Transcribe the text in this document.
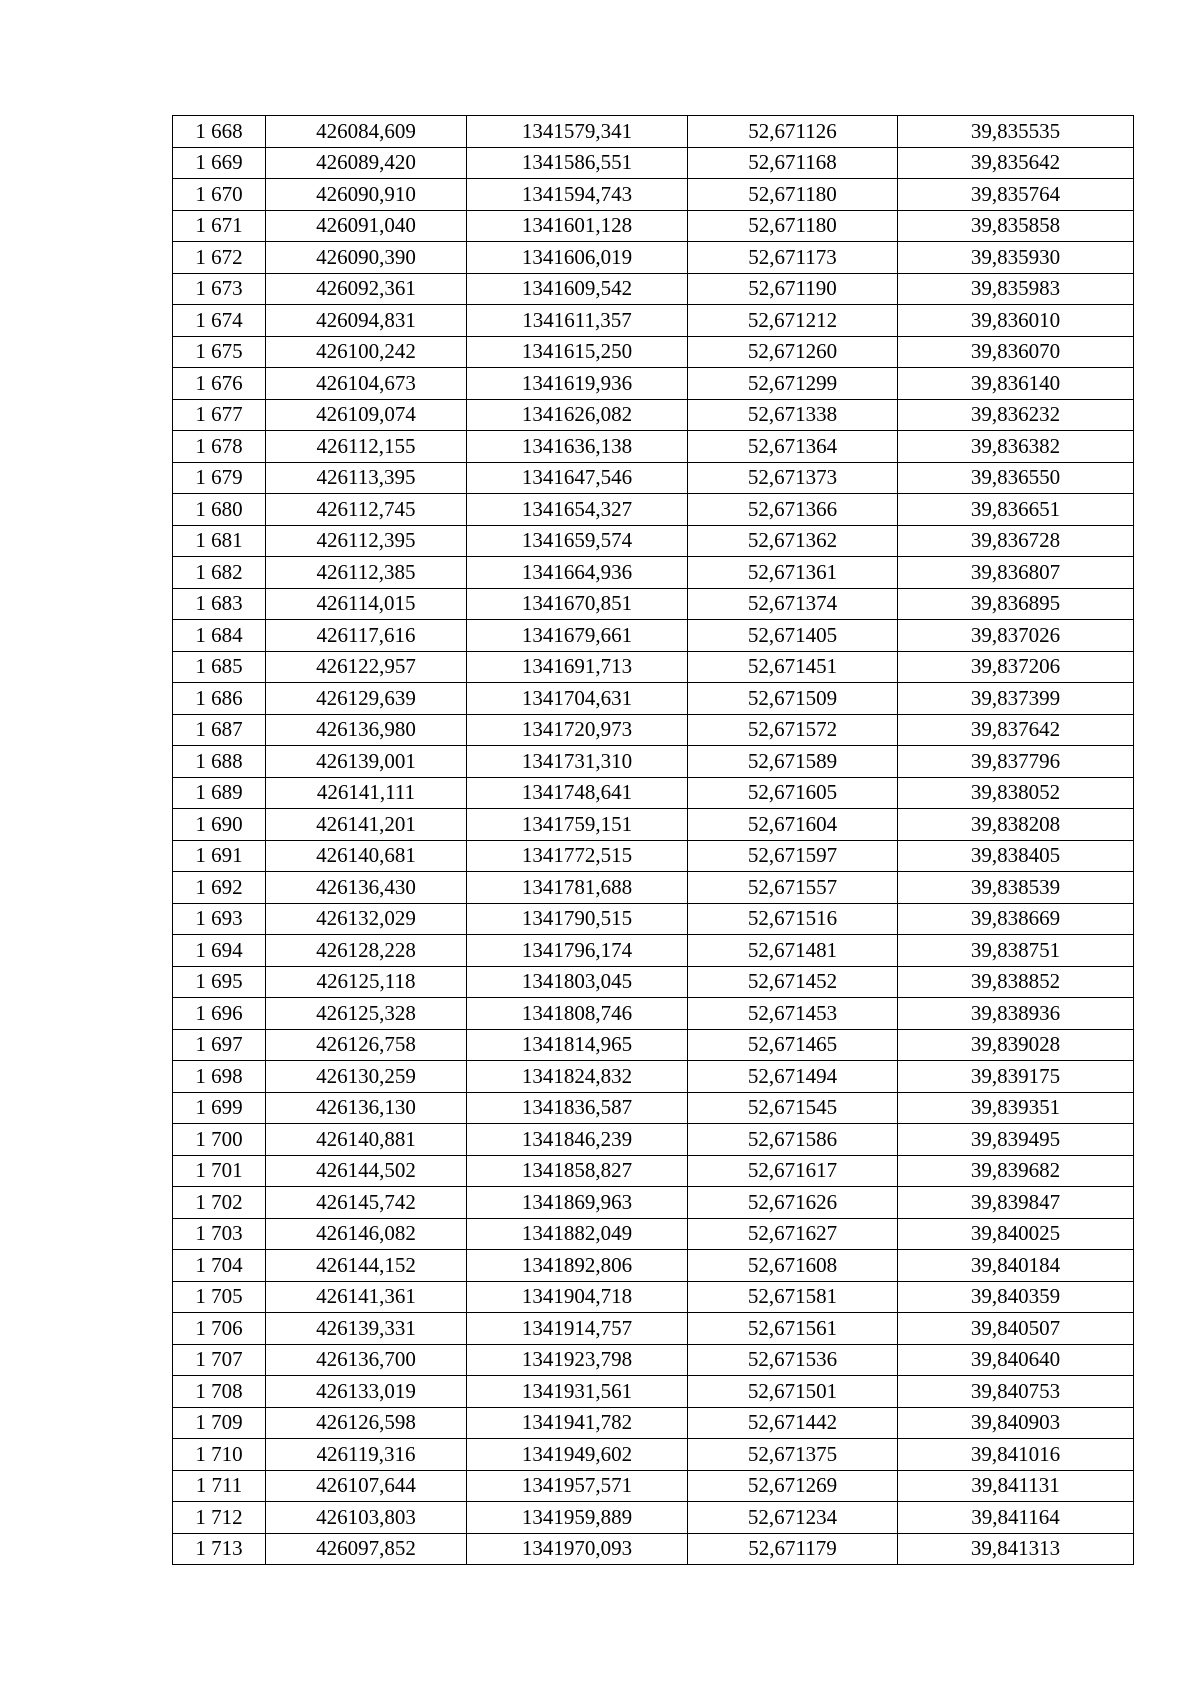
1 668	426084,609	1341579,341	52,671126	39,835535
1 669	426089,420	1341586,551	52,671168	39,835642
1 670	426090,910	1341594,743	52,671180	39,835764
1 671	426091,040	1341601,128	52,671180	39,835858
1 672	426090,390	1341606,019	52,671173	39,835930
1 673	426092,361	1341609,542	52,671190	39,835983
1 674	426094,831	1341611,357	52,671212	39,836010
1 675	426100,242	1341615,250	52,671260	39,836070
1 676	426104,673	1341619,936	52,671299	39,836140
1 677	426109,074	1341626,082	52,671338	39,836232
1 678	426112,155	1341636,138	52,671364	39,836382
1 679	426113,395	1341647,546	52,671373	39,836550
1 680	426112,745	1341654,327	52,671366	39,836651
1 681	426112,395	1341659,574	52,671362	39,836728
1 682	426112,385	1341664,936	52,671361	39,836807
1 683	426114,015	1341670,851	52,671374	39,836895
1 684	426117,616	1341679,661	52,671405	39,837026
1 685	426122,957	1341691,713	52,671451	39,837206
1 686	426129,639	1341704,631	52,671509	39,837399
1 687	426136,980	1341720,973	52,671572	39,837642
1 688	426139,001	1341731,310	52,671589	39,837796
1 689	426141,111	1341748,641	52,671605	39,838052
1 690	426141,201	1341759,151	52,671604	39,838208
1 691	426140,681	1341772,515	52,671597	39,838405
1 692	426136,430	1341781,688	52,671557	39,838539
1 693	426132,029	1341790,515	52,671516	39,838669
1 694	426128,228	1341796,174	52,671481	39,838751
1 695	426125,118	1341803,045	52,671452	39,838852
1 696	426125,328	1341808,746	52,671453	39,838936
1 697	426126,758	1341814,965	52,671465	39,839028
1 698	426130,259	1341824,832	52,671494	39,839175
1 699	426136,130	1341836,587	52,671545	39,839351
1 700	426140,881	1341846,239	52,671586	39,839495
1 701	426144,502	1341858,827	52,671617	39,839682
1 702	426145,742	1341869,963	52,671626	39,839847
1 703	426146,082	1341882,049	52,671627	39,840025
1 704	426144,152	1341892,806	52,671608	39,840184
1 705	426141,361	1341904,718	52,671581	39,840359
1 706	426139,331	1341914,757	52,671561	39,840507
1 707	426136,700	1341923,798	52,671536	39,840640
1 708	426133,019	1341931,561	52,671501	39,840753
1 709	426126,598	1341941,782	52,671442	39,840903
1 710	426119,316	1341949,602	52,671375	39,841016
1 711	426107,644	1341957,571	52,671269	39,841131
1 712	426103,803	1341959,889	52,671234	39,841164
1 713	426097,852	1341970,093	52,671179	39,841313
